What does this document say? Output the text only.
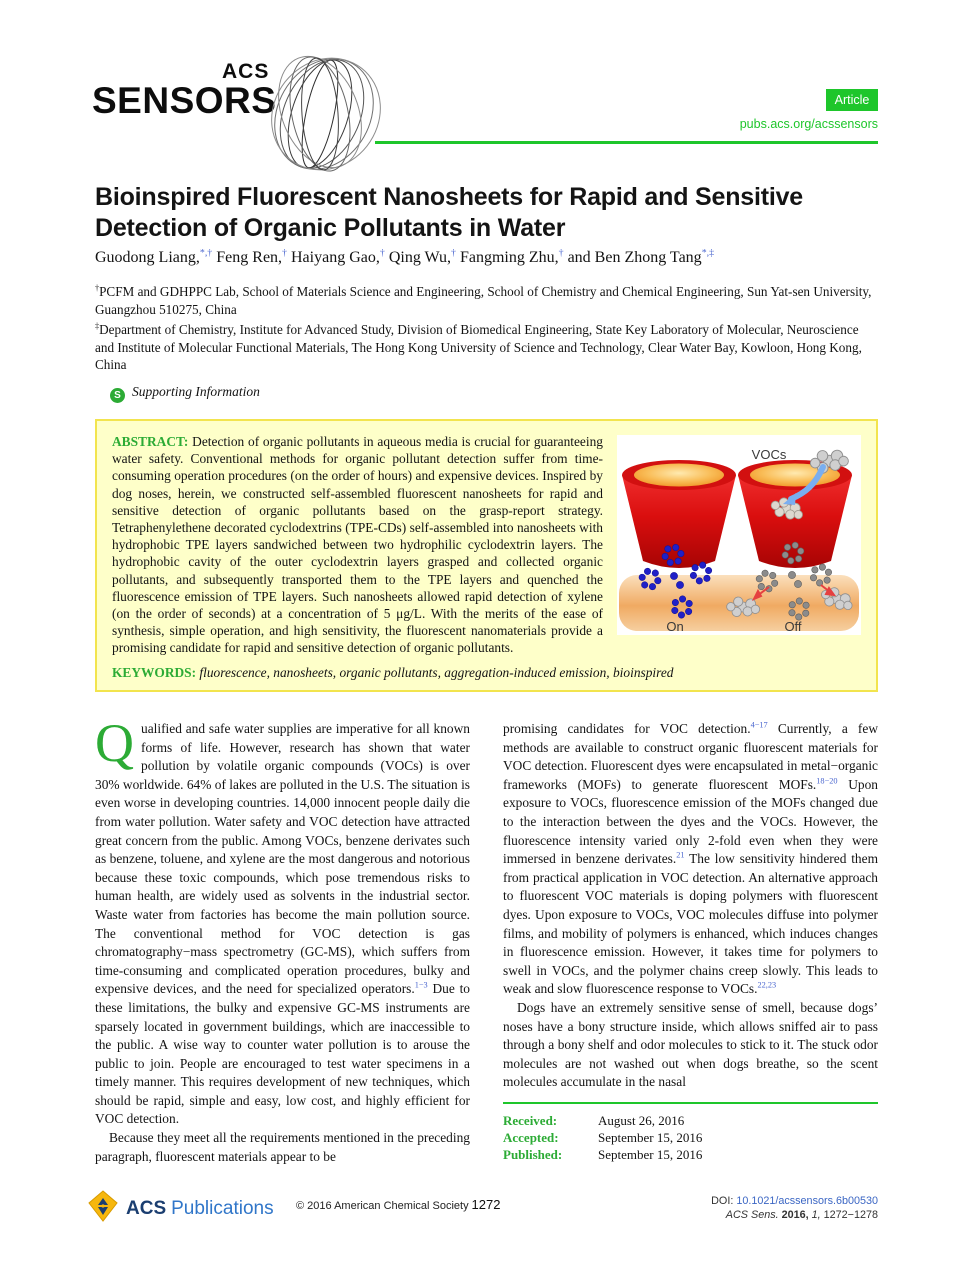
ACS
SENSORS	Article
pubs.acs.org/acssensors
Bioinspired Fluorescent Nanosheets for Rapid and Sensitive
Detection of Organic Pollutants in Water
Guodong Liang,*,† Feng Ren,† Haiyang Gao,† Qing Wu,† Fangming Zhu,† and Ben Zhong Tang*,‡

†PCFM and GDHPPC Lab, School of Materials Science and Engineering, School of Chemistry and Chemical Engineering, Sun Yat-sen University, Guangzhou 510275, China

‡Department of Chemistry, Institute for Advanced Study, Division of Biomedical Engineering, State Key Laboratory of Molecular, Neuroscience and Institute of Molecular Functional Materials, The Hong Kong University of Science and Technology, Clear Water Bay, Kowloon, Hong Kong, China

S Supporting Information
VOCs
On	Off

ABSTRACT: Detection of organic pollutants in aqueous media is crucial for guaranteeing water safety. Conventional methods for organic pollutant detection suffer from time-consuming operation procedures (on the order of hours) and expensive devices. Inspired by dog noses, herein, we constructed self-assembled fluorescent nanosheets for rapid and sensitive detection of organic pollutants based on the grasp-report strategy. Tetraphenylethene decorated cyclodextrins (TPE-CDs) self-assembled into nanosheets with hydrophobic TPE layers sandwiched between two hydrophilic cyclodextrin layers. The hydrophobic cavity of the outer cyclodextrin layers grasped and collected organic pollutants, and subsequently transported them to the TPE layers and quenched the fluorescence emission of TPE layers. Such nanosheets allowed rapid detection of xylene (on the order of seconds) at a concentration of 5 μg/L. With the merits of the ease of synthesis, simple operation, and high sensitivity, the fluorescent nanomaterials provide a promising candidate for rapid and sensitive detection of organic pollutants.

KEYWORDS: fluorescence, nanosheets, organic pollutants, aggregation-induced emission, bioinspired

Qualified and safe water supplies are imperative for all known forms of life. However, research has shown that water pollution by volatile organic compounds (VOCs) is over 30% worldwide. 64% of lakes are polluted in the U.S. The situation is even worse in developing countries. 14,000 innocent people daily die from water pollution. Water safety and VOC detection have attracted great concern from the public. Among VOCs, benzene derivates such as benzene, toluene, and xylene are the most dangerous and notorious because these toxic compounds, which pose tremendous risks to human health, are widely used as solvents in the industrial sector. Waste water from factories has become the main pollution source. The conventional method for VOC detection is gas chromatography−mass spectrometry (GC-MS), which suffers from time-consuming and complicated operation procedures, bulky and expensive devices, and the need for specialized operators.$^{1-3}$ Due to these limitations, the bulky and expensive GC-MS instruments are sparsely located in government buildings, which are inaccessible to the public. A wise way to counter water pollution is to arouse the public to join. People are encouraged to test water specimens in a timely manner. This requires development of new techniques, which should be rapid, simple and easy, low cost, and highly efficient for VOC detection.

Because they meet all the requirements mentioned in the preceding paragraph, fluorescent materials appear to be

promising candidates for VOC detection.$^{4-17}$ Currently, a few methods are available to construct organic fluorescent materials for VOC detection. Fluorescent dyes were encapsulated in metal−organic frameworks (MOFs) to generate fluorescent MOFs.$^{18-20}$ Upon exposure to VOCs, fluorescence emission of the MOFs changed due to the interaction between the dyes and the VOCs. However, the fluorescence intensity varied only 2-fold even when they were immersed in benzene derivates.$^{21}$ The low sensitivity hindered them from practical application in VOC detection. An alternative approach to fluorescent VOC materials is doping polymers with fluorescent dyes. Upon exposure to VOCs, VOC molecules diffuse into polymer films, and mobility of polymers is enhanced, which induces changes in fluorescence emission. However, it takes time for polymers to swell in VOCs, and the polymer chains creep slowly. This leads to weak and slow fluorescence response to VOCs.$^{22,23}$

Dogs have an extremely sensitive sense of smell, because dogs’ noses have a bony structure inside, which allows sniffed air to pass through a bony shelf and odor molecules to stick to it. The stuck odor molecules are not washed out when dogs breathe, so the scent molecules accumulate in the nasal

Received:	August 26, 2016
Accepted:	September 15, 2016
Published:	September 15, 2016
ACS Publications © 2016 American Chemical Society 1272	DOI: 10.1021/acssensors.6b00530
ACS Sens. 2016, 1, 1272−1278
